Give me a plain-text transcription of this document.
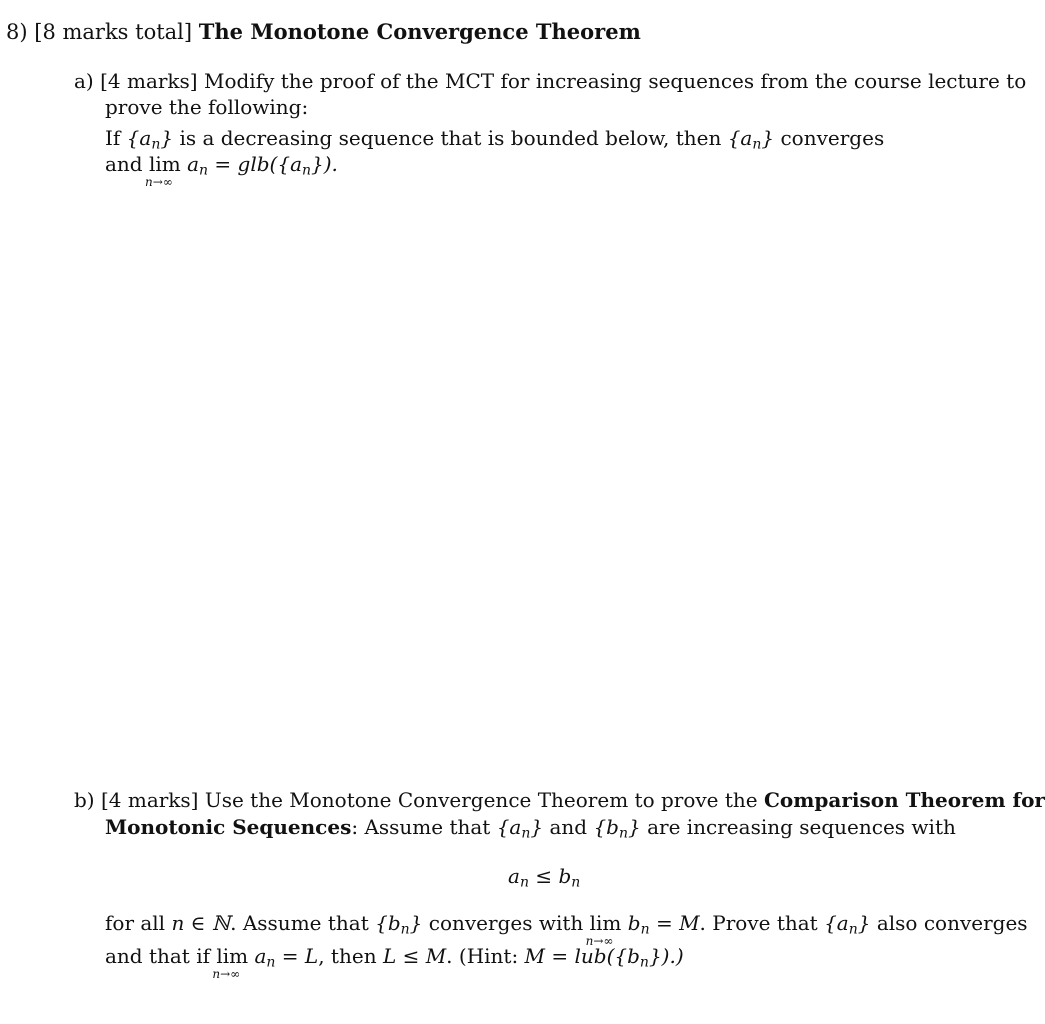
8) [8 marks total] The Monotone Convergence Theorem
a) [4 marks] Modify the proof of the MCT for increasing sequences from the course lecture to
prove the following:
If $\{a_n\}$ is a decreasing sequence that is bounded below, then $\{a_n\}$ converges
and lim
n→∞
$a_n = glb(\{a_n\})$.
b) [4 marks] Use the Monotone Convergence Theorem to prove the Comparison Theorem for
Monotonic Sequences: Assume that $\{a_n\}$ and $\{b_n\}$ are increasing sequences with
$a_n \le b_n$
for all n ∈ ℕ. Assume that $\{b_n\}$ converges with lim
n→∞
$b_n = M$. Prove that $\{a_n\}$ also converges
and that if lim
n→∞
$a_n = L$, then L ≤ M. (Hint: $M = lub(\{b_n\})$.)
